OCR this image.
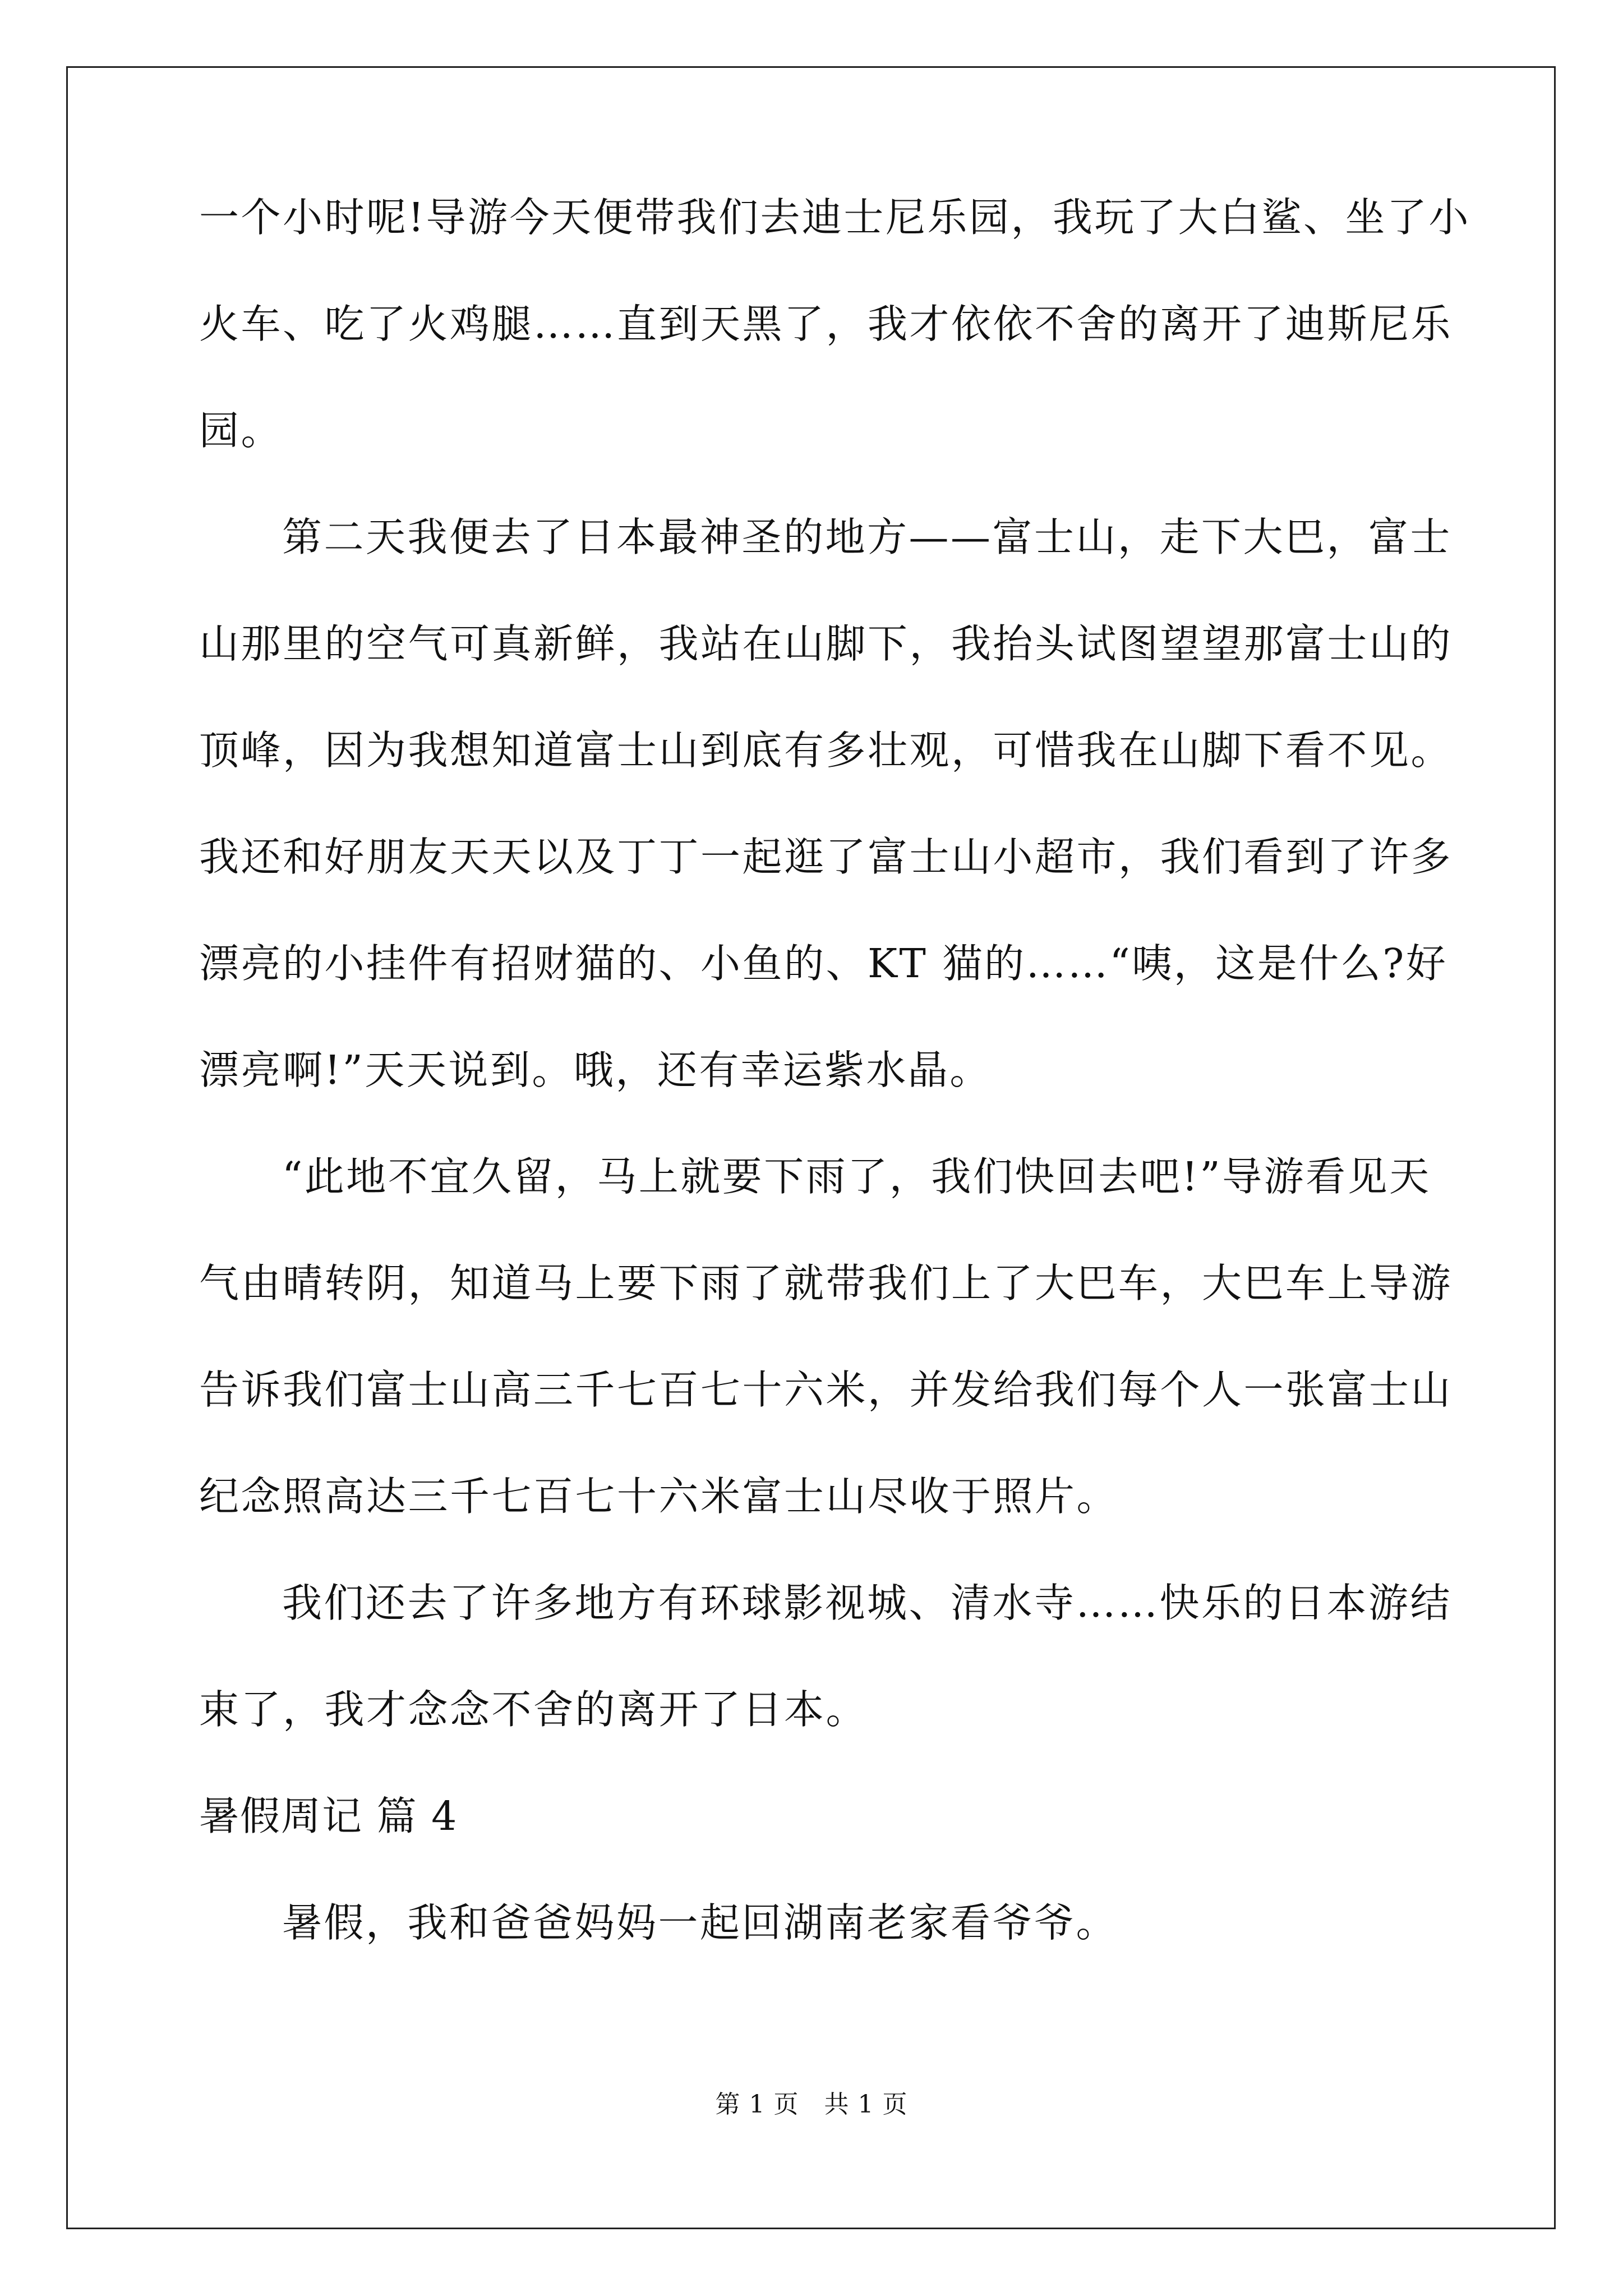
一个小时呢!导游今天便带我们去迪士尼乐园，我玩了大白鲨、坐了小
火车、吃了火鸡腿……直到天黑了，我才依依不舍的离开了迪斯尼乐
园。
第二天我便去了日本最神圣的地方——富士山，走下大巴，富士
山那里的空气可真新鲜，我站在山脚下，我抬头试图望望那富士山的
顶峰，因为我想知道富士山到底有多壮观，可惜我在山脚下看不见。
我还和好朋友天天以及丁丁一起逛了富士山小超市，我们看到了许多
漂亮的小挂件有招财猫的、小鱼的、KT 猫的……“咦，这是什么?好
漂亮啊!”天天说到。哦，还有幸运紫水晶。
“此地不宜久留，马上就要下雨了，我们快回去吧!”导游看见天
气由晴转阴，知道马上要下雨了就带我们上了大巴车，大巴车上导游
告诉我们富士山高三千七百七十六米，并发给我们每个人一张富士山
纪念照高达三千七百七十六米富士山尽收于照片。
我们还去了许多地方有环球影视城、清水寺……快乐的日本游结
束了，我才念念不舍的离开了日本。
暑假周记 篇 4
暑假，我和爸爸妈妈一起回湖南老家看爷爷。
第 1 页   共 1 页
